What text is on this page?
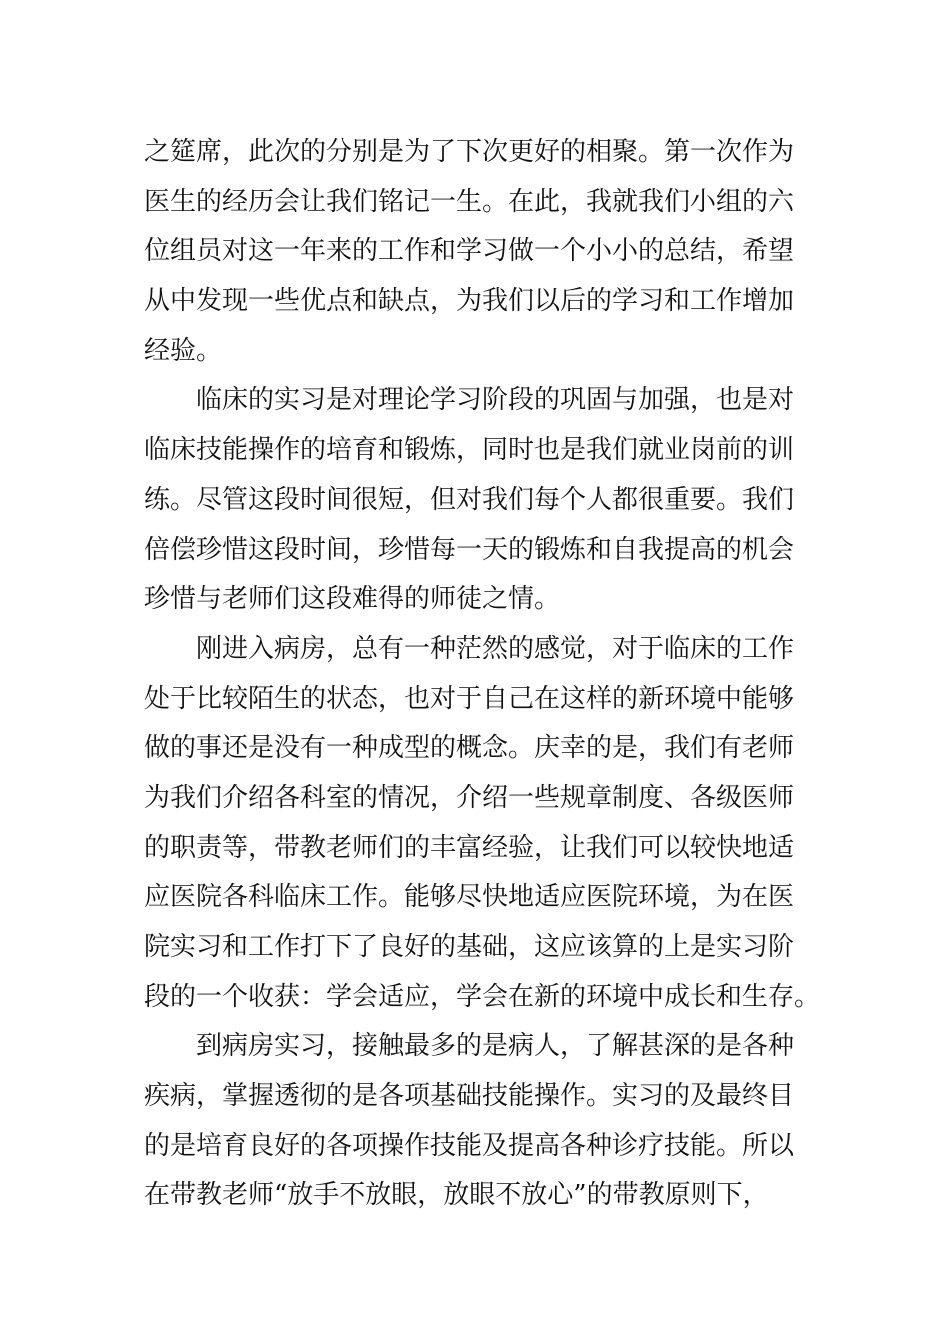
之筵席，此次的分别是为了下次更好的相聚。第一次作为
医生的经历会让我们铭记一生。在此，我就我们小组的六
位组员对这一年来的工作和学习做一个小小的总结，希望
从中发现一些优点和缺点，为我们以后的学习和工作增加
经验。
临床的实习是对理论学习阶段的巩固与加强，也是对
临床技能操作的培育和锻炼，同时也是我们就业岗前的训
练。尽管这段时间很短，但对我们每个人都很重要。我们
倍偿珍惜这段时间，珍惜每一天的锻炼和自我提高的机会
珍惜与老师们这段难得的师徒之情。
刚进入病房，总有一种茫然的感觉，对于临床的工作
处于比较陌生的状态，也对于自己在这样的新环境中能够
做的事还是没有一种成型的概念。庆幸的是，我们有老师
为我们介绍各科室的情况，介绍一些规章制度、各级医师
的职责等，带教老师们的丰富经验，让我们可以较快地适
应医院各科临床工作。能够尽快地适应医院环境，为在医
院实习和工作打下了良好的基础，这应该算的上是实习阶
段的一个收获：学会适应，学会在新的环境中成长和生存。
到病房实习，接触最多的是病人，了解甚深的是各种
疾病，掌握透彻的是各项基础技能操作。实习的及最终目
的是培育良好的各项操作技能及提高各种诊疗技能。所以
在带教老师“放手不放眼，放眼不放心”的带教原则下，
